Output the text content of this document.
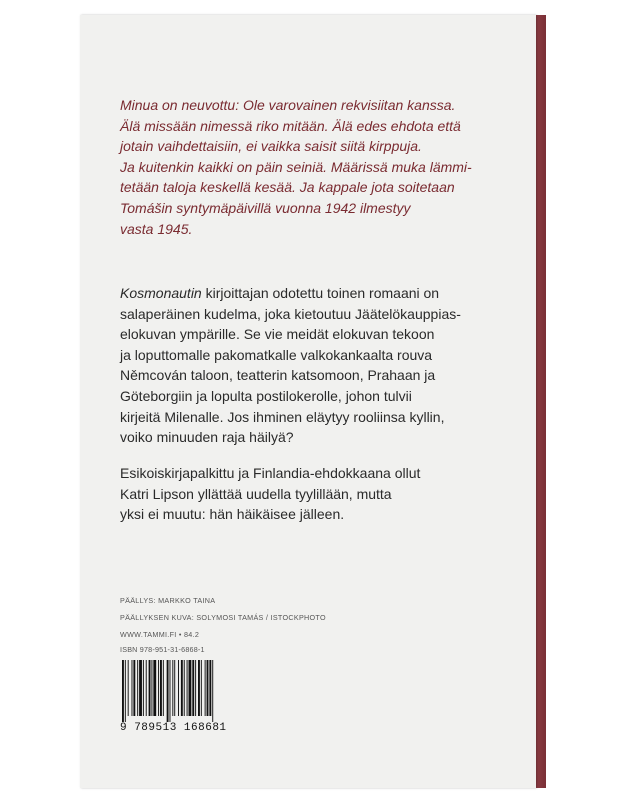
Minua on neuvottu: Ole varovainen rekvisiitan kanssa.
Älä missään nimessä riko mitään. Älä edes ehdota että
jotain vaihdettaisiin, ei vaikka saisit siitä kirppuja.
Ja kuitenkin kaikki on päin seiniä. Määrissä muka lämmi-
tetään taloja keskellä kesää. Ja kappale jota soitetaan
Tomášin syntymäpäivillä vuonna 1942 ilmestyy
vasta 1945.
Kosmonautin kirjoittajan odotettu toinen romaani on
salaperäinen kudelma, joka kietoutuu Jäätelökauppias-
elokuvan ympärille. Se vie meidät elokuvan tekoon
ja loputtomalle pakomatkalle valkokankaalta rouva
Němcován taloon, teatterin katsomoon, Prahaan ja
Göteborgiin ja lopulta postilokerolle, johon tulvii
kirjeitä Milenalle. Jos ihminen eläytyy rooliinsa kyllin,
voiko minuuden raja häilyä?
Esikoiskirjapalkittu ja Finlandia-ehdokkaana ollut
Katri Lipson yllättää uudella tyylillään, mutta
yksi ei muutu: hän häikäisee jälleen.
PÄÄLLYS: MARKKO TAINA
PÄÄLLYKSEN KUVA: SOLYMOSI TAMÁS / ISTOCKPHOTO
WWW.TAMMI.FI • 84.2
ISBN 978-951-31-6868-1
9 789513 168681
